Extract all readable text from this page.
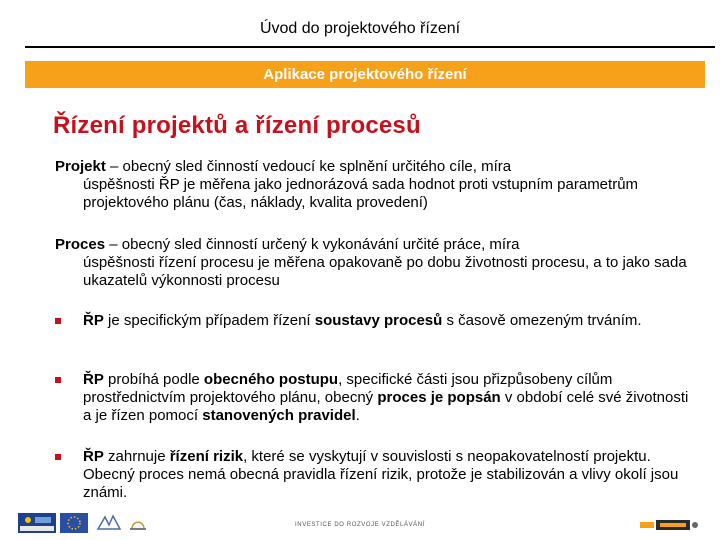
Úvod do projektového řízení
Aplikace projektového řízení
Řízení projektů a řízení procesů
Projekt – obecný sled činností vedoucí ke splnění určitého cíle, míra
úspěšnosti ŘP je měřena jako jednorázová sada hodnot proti vstupním parametrům projektového plánu (čas, náklady, kvalita provedení)
Proces – obecný sled činností určený k vykonávání určité práce, míra
úspěšnosti řízení procesu je měřena opakovaně po dobu životnosti procesu, a to jako sada ukazatelů výkonnosti procesu
ŘP je specifickým případem řízení soustavy procesů s časově omezeným trváním.
ŘP probíhá podle obecného postupu, specifické části jsou přizpůsobeny cílům prostřednictvím projektového plánu, obecný proces je popsán v období celé své životnosti a je řízen pomocí stanovených pravidel.
ŘP zahrnuje řízení rizik, které se vyskytují v souvislosti s neopakovatelností projektu. Obecný proces nemá obecná pravidla řízení rizik, protože je stabilizován a vlivy okolí jsou známi.
INVESTICE DO ROZVOJE VZDĚLÁVÁNÍ
